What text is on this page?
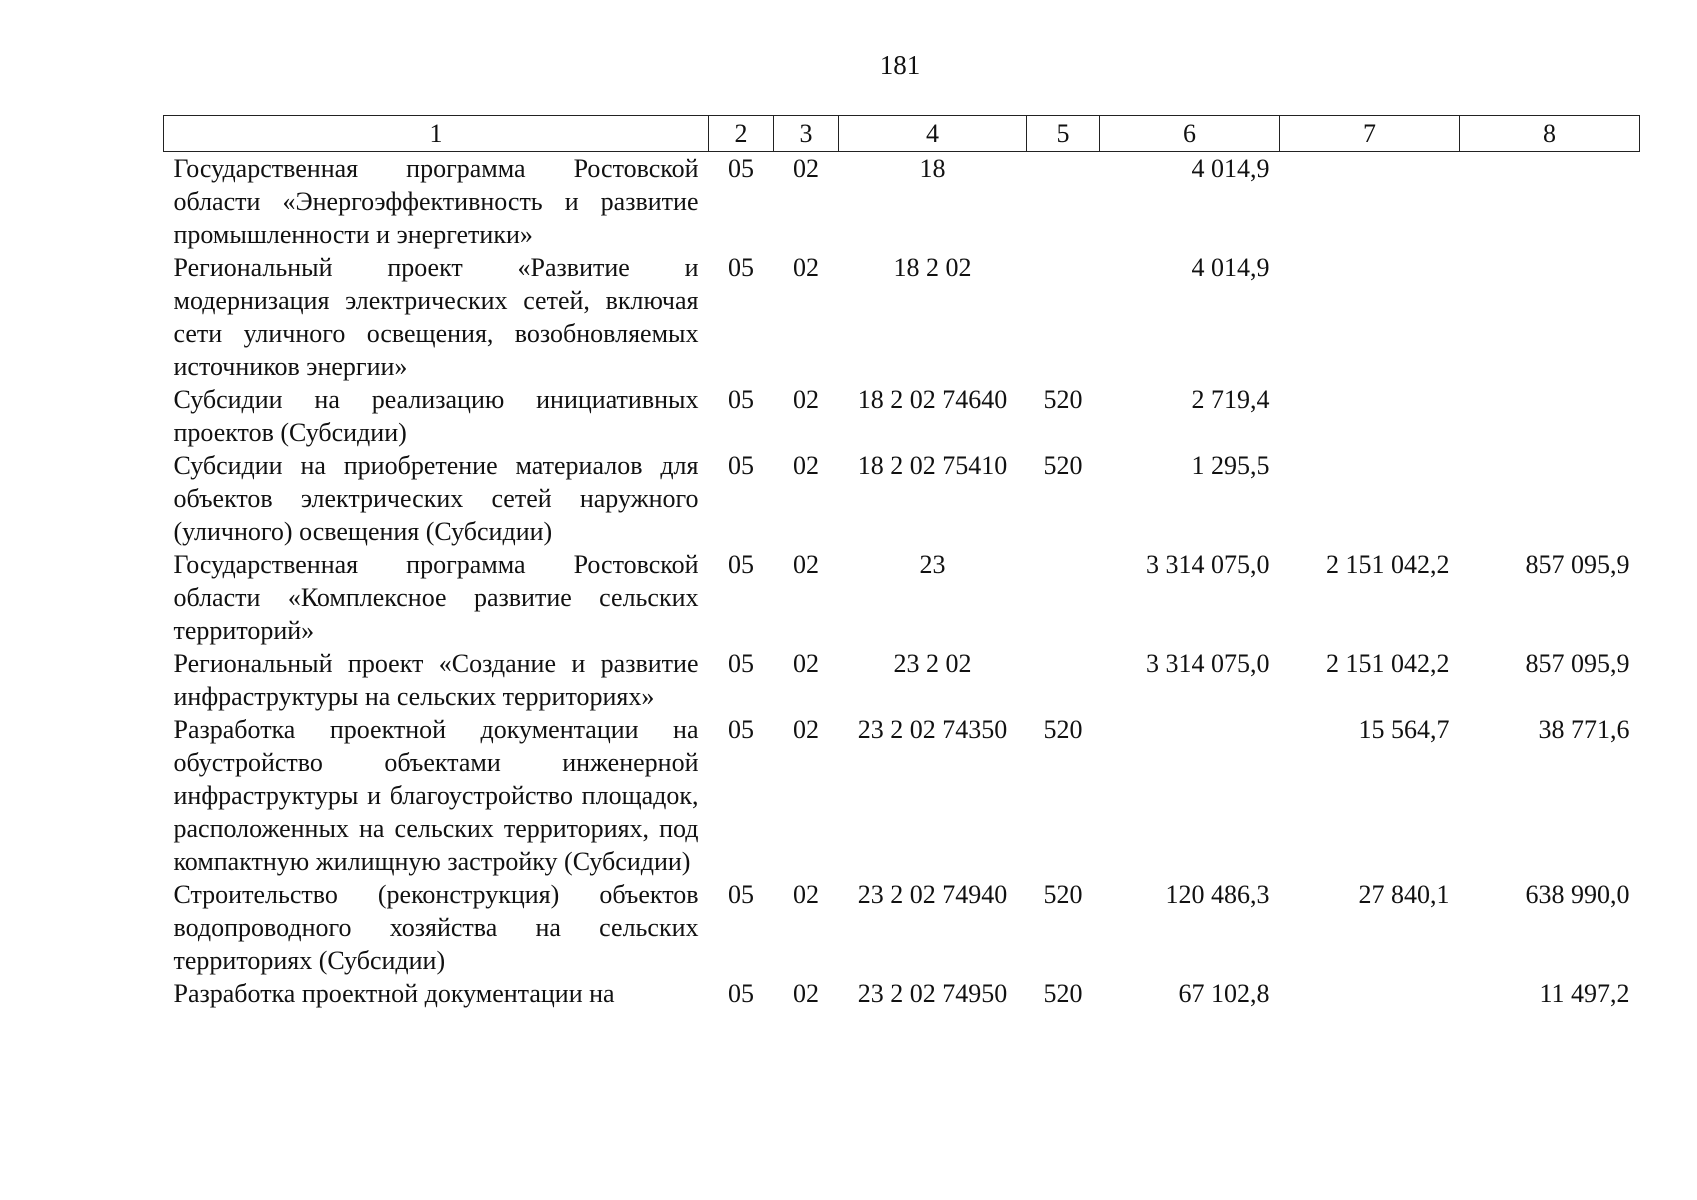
181
1	2	3	4	5	6	7	8
Государственная программа Ростовской области «Энергоэффективность и развитие промышленности и энергетики»	05	02	18		4 014,9		
Региональный проект «Развитие и модернизация электрических сетей, включая сети уличного освещения, возобновляемых источников энергии»	05	02	18 2 02		4 014,9		
Субсидии на реализацию инициативных проектов (Субсидии)	05	02	18 2 02 74640	520	2 719,4		
Субсидии на приобретение материалов для объектов электрических сетей наружного (уличного) освещения (Субсидии)	05	02	18 2 02 75410	520	1 295,5		
Государственная программа Ростовской области «Комплексное развитие сельских территорий»	05	02	23		3 314 075,0	2 151 042,2	857 095,9
Региональный проект «Создание и развитие инфраструктуры на сельских территориях»	05	02	23 2 02		3 314 075,0	2 151 042,2	857 095,9
Разработка проектной документации на обустройство объектами инженерной инфраструктуры и благоустройство площадок, расположенных на сельских территориях, под компактную жилищную застройку (Субсидии)	05	02	23 2 02 74350	520		15 564,7	38 771,6
Строительство (реконструкция) объектов водопроводного хозяйства на сельских территориях (Субсидии)	05	02	23 2 02 74940	520	120 486,3	27 840,1	638 990,0
Разработка проектной документации на	05	02	23 2 02 74950	520	67 102,8		11 497,2
